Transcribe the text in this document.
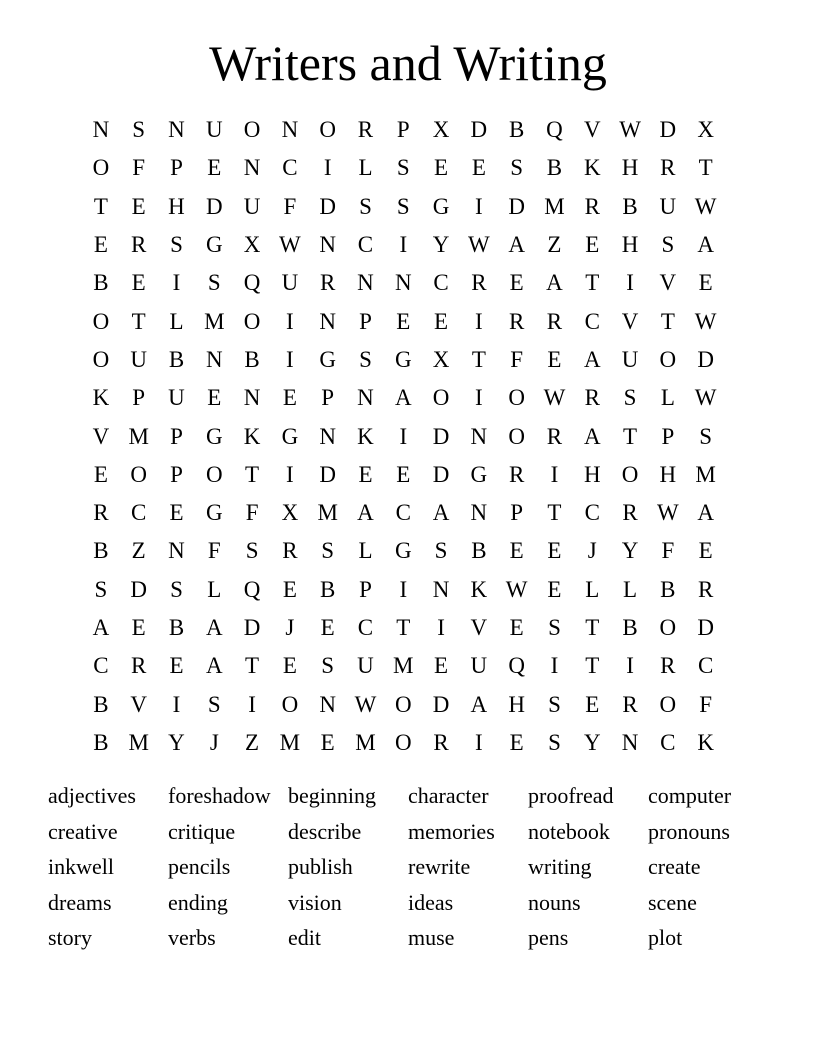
Writers and Writing
N	S	N U O N O R	P	X D B Q V W D X
O	F	P	E N C	I	L	S	E	E	S	B K H R	T
T	E H D U	F	D	S	S	G	I	D M R B U W
E	R	S	G X W N C	I	Y W A Z	E H	S	A
B	E	I	S	Q U R N N C R	E A T	I	V E
O T	L M O	I	N	P	E	E	I	R R C V T W
O U B N B	I	G	S	G X T	F	E A U O D
K	P	U E N E	P	N A O	I	O W R	S	L W
V M P	G K G N K	I	D N O R A T	P	S
E O	P	O T	I	D E	E D G R	I	H O H M
R C	E G	F	X M A C A N	P	T	C R W A
B	Z N	F	S	R	S	L G	S	B	E	E	J	Y	F	E
S	D	S	L Q E	B	P	I	N K W E	L	L	B R
A E	B A D	J	E	C	T	I	V E	S	T	B O D
C R	E A T	E	S	U M E U Q	I	T	I	R C
B V	I	S	I	O N W O D A H	S	E	R O	F
B M Y	J	Z M E M O R	I	E	S	Y N C K
adjectives	foreshadow beginning	character	proofread	computer
creative	critique	describe	memories	notebook	pronouns
inkwell	pencils	publish	rewrite	writing	create
dreams	ending	vision	ideas	nouns	scene
story	verbs	edit	muse	pens	plot
